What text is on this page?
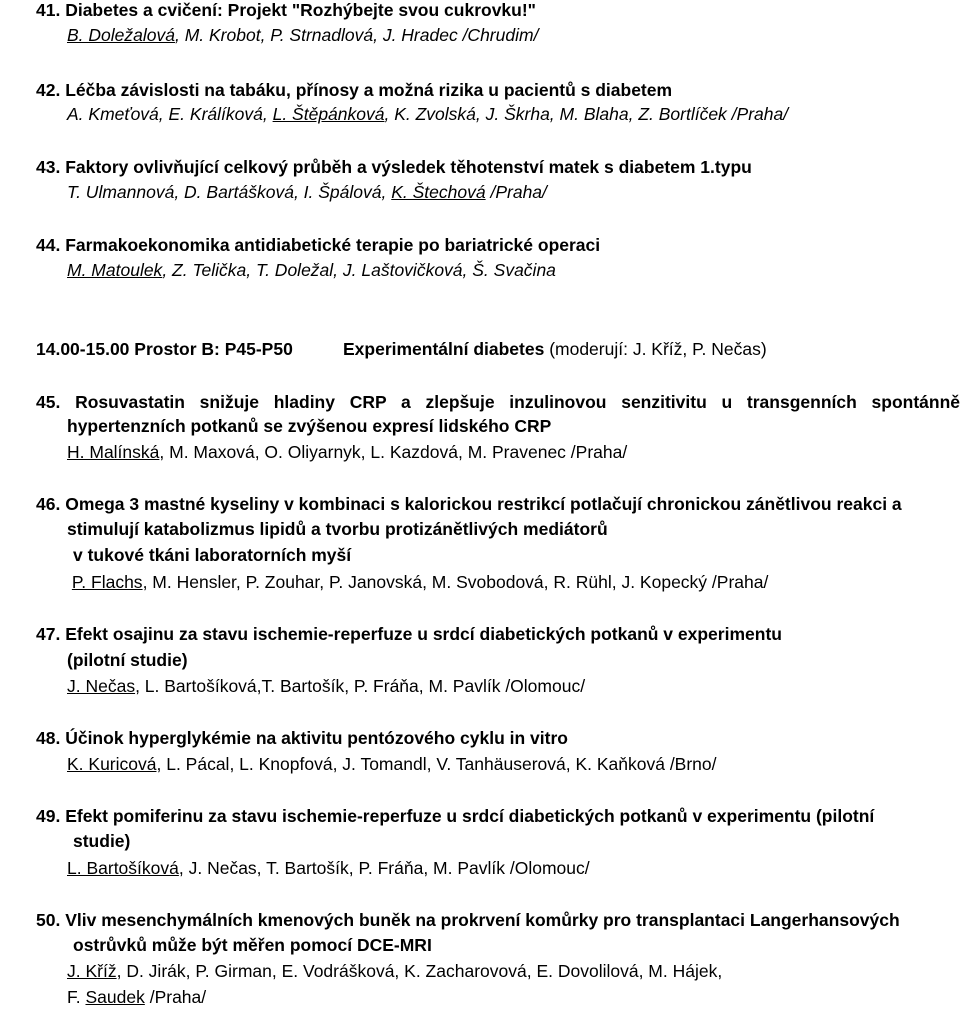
41. Diabetes a cvičení: Projekt "Rozhýbejte svou cukrovku!"
B. Doležalová, M. Krobot, P. Strnadlová, J. Hradec /Chrudim/
42. Léčba závislosti na tabáku, přínosy a možná rizika u pacientů s diabetem
A. Kmeťová, E. Králíková, L. Štěpánková, K. Zvolská, J. Škrha, M. Blaha, Z. Bortlíček /Praha/
43. Faktory ovlivňující celkový průběh a výsledek těhotenství matek s diabetem 1.typu
T. Ulmannová, D. Bartášková, I. Špálová, K. Štechová /Praha/
44. Farmakoekonomika antidiabetické terapie po bariatrické operaci
M. Matoulek, Z. Telička, T. Doležal, J. Laštovičková, Š. Svačina
14.00-15.00 Prostor B: P45-P50	Experimentální diabetes (moderují: J. Kříž, P. Nečas)
45. Rosuvastatin snižuje hladiny CRP a zlepšuje inzulinovou senzitivitu u transgenních spontánně
hypertenzních potkanů se zvýšenou expresí lidského CRP
H. Malínská, M. Maxová, O. Oliyarnyk, L. Kazdová, M. Pravenec /Praha/
46. Omega 3 mastné kyseliny v kombinaci s kalorickou restrikcí potlačují chronickou zánětlivou reakci a
stimulují katabolizmus lipidů a tvorbu protizánětlivých mediátorů
v tukové tkáni laboratorních myší
P. Flachs, M. Hensler, P. Zouhar, P. Janovská, M. Svobodová, R. Rühl, J. Kopecký /Praha/
47. Efekt osajinu za stavu ischemie-reperfuze u srdcí diabetických potkanů v experimentu
(pilotní studie)
J. Nečas, L. Bartošíková,T. Bartošík, P. Fráňa, M. Pavlík /Olomouc/
48. Účinok hyperglykémie na aktivitu pentózového cyklu in vitro
K. Kuricová, L. Pácal, L. Knopfová, J. Tomandl, V. Tanhäuserová, K. Kaňková /Brno/
49. Efekt pomiferinu za stavu ischemie-reperfuze u srdcí diabetických potkanů v experimentu (pilotní
studie)
L. Bartošíková, J. Nečas, T. Bartošík, P. Fráňa, M. Pavlík /Olomouc/
50. Vliv mesenchymálních kmenových buněk na prokrvení komůrky pro transplantaci Langerhansových
ostrůvků může být měřen pomocí DCE-MRI
J. Kříž, D. Jirák, P. Girman, E. Vodrášková, K. Zacharovová, E. Dovolilová, M. Hájek,
F. Saudek /Praha/
